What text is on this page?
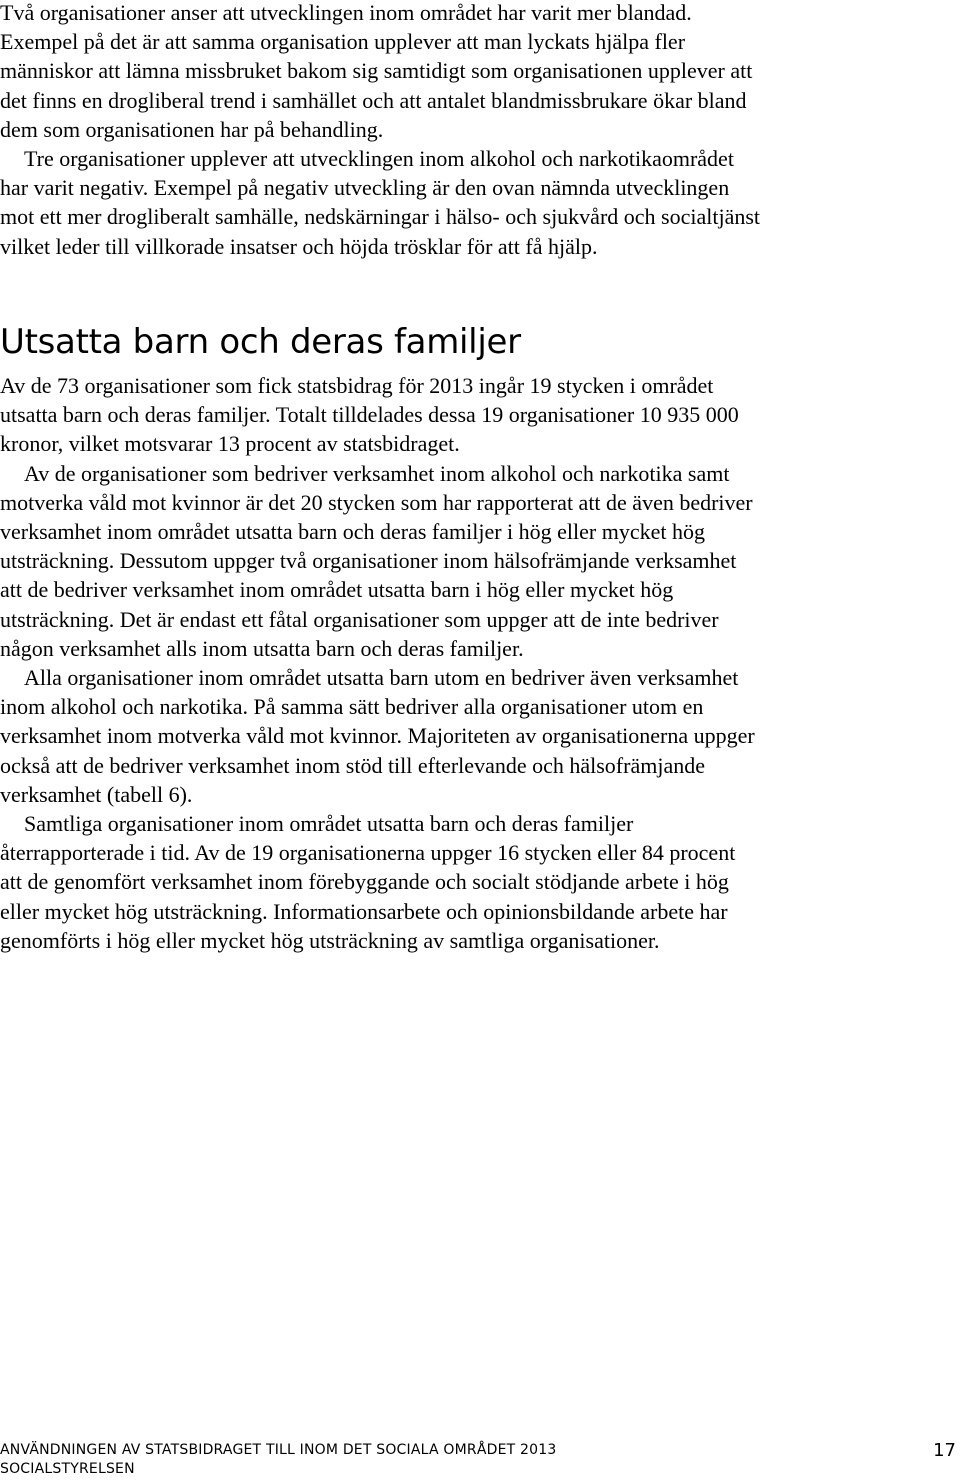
Två organisationer anser att utvecklingen inom området har varit mer blandad. Exempel på det är att samma organisation upplever att man lyckats hjälpa fler människor att lämna missbruket bakom sig samtidigt som organisationen upplever att det finns en drogliberal trend i samhället och att antalet blandmissbrukare ökar bland dem som organisationen har på behandling.

Tre organisationer upplever att utvecklingen inom alkohol och narkotikaområdet har varit negativ. Exempel på negativ utveckling är den ovan nämnda utvecklingen mot ett mer drogliberalt samhälle, nedskärningar i hälso- och sjukvård och socialtjänst vilket leder till villkorade insatser och höjda trösklar för att få hjälp.

Utsatta barn och deras familjer

Av de 73 organisationer som fick statsbidrag för 2013 ingår 19 stycken i området utsatta barn och deras familjer. Totalt tilldelades dessa 19 organisationer 10 935 000 kronor, vilket motsvarar 13 procent av statsbidraget.

Av de organisationer som bedriver verksamhet inom alkohol och narkotika samt motverka våld mot kvinnor är det 20 stycken som har rapporterat att de även bedriver verksamhet inom området utsatta barn och deras familjer i hög eller mycket hög utsträckning. Dessutom uppger två organisationer inom hälsofrämjande verksamhet att de bedriver verksamhet inom området utsatta barn i hög eller mycket hög utsträckning. Det är endast ett fåtal organisationer som uppger att de inte bedriver någon verksamhet alls inom utsatta barn och deras familjer.

Alla organisationer inom området utsatta barn utom en bedriver även verksamhet inom alkohol och narkotika. På samma sätt bedriver alla organisationer utom en verksamhet inom motverka våld mot kvinnor. Majoriteten av organisationerna uppger också att de bedriver verksamhet inom stöd till efterlevande och hälsofrämjande verksamhet (tabell 6).

Samtliga organisationer inom området utsatta barn och deras familjer återrapporterade i tid. Av de 19 organisationerna uppger 16 stycken eller 84 procent att de genomfört verksamhet inom förebyggande och socialt stödjande arbete i hög eller mycket hög utsträckning. Informationsarbete och opinionsbildande arbete har genomförts i hög eller mycket hög utsträckning av samtliga organisationer.

ANVÄNDNINGEN AV STATSBIDRAGET TILL INOM DET SOCIALA OMRÅDET 2013
SOCIALSTYRELSEN
17
